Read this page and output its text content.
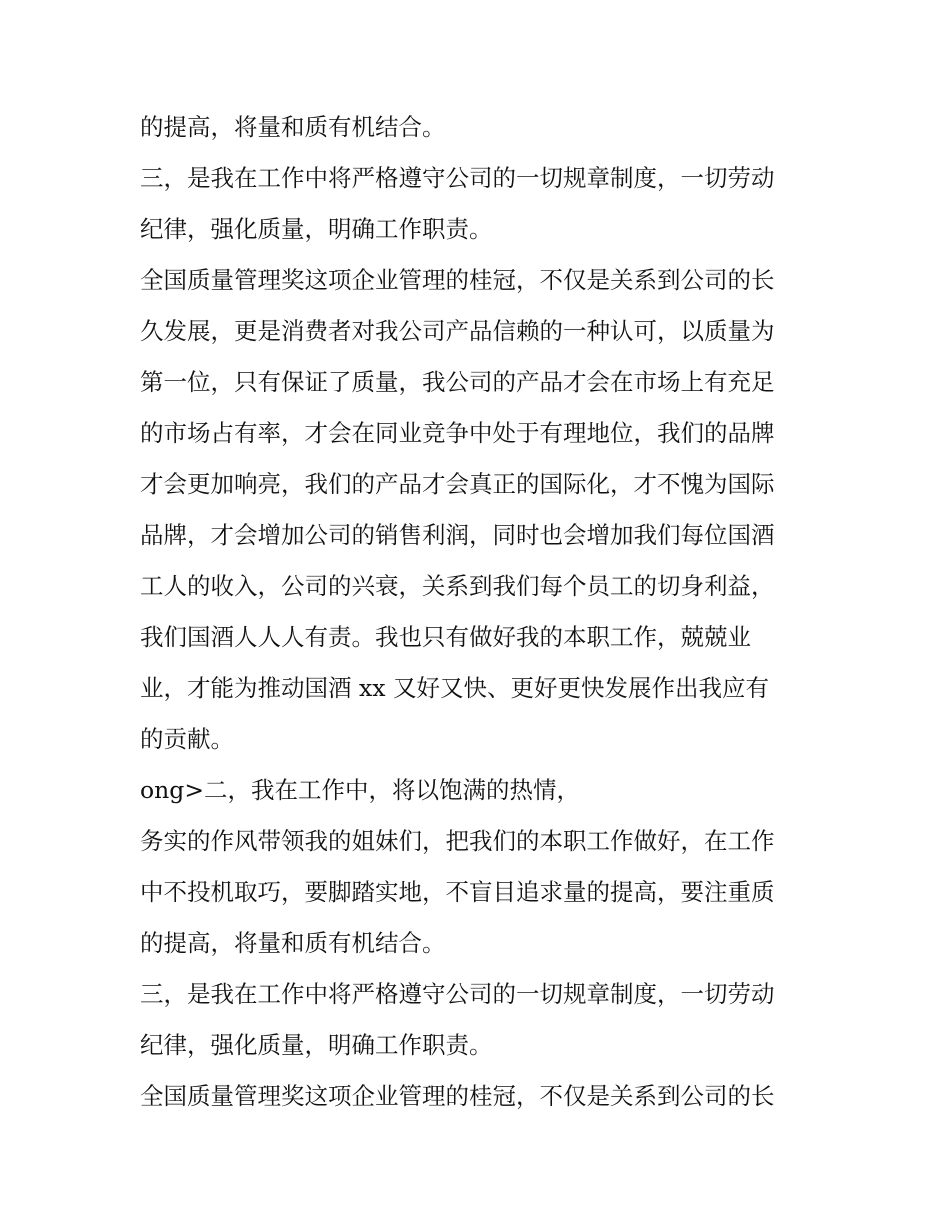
的提高，将量和质有机结合。

三，是我在工作中将严格遵守公司的一切规章制度，一切劳动
纪律，强化质量，明确工作职责。

全国质量管理奖这项企业管理的桂冠，不仅是关系到公司的长
久发展，更是消费者对我公司产品信赖的一种认可，以质量为
第一位，只有保证了质量，我公司的产品才会在市场上有充足
的市场占有率，才会在同业竞争中处于有理地位，我们的品牌
才会更加响亮，我们的产品才会真正的国际化，才不愧为国际
品牌，才会增加公司的销售利润，同时也会增加我们每位国酒
工人的收入，公司的兴衰，关系到我们每个员工的切身利益，
我们国酒人人人有责。我也只有做好我的本职工作，兢兢业
业，才能为推动国酒 xx 又好又快、更好更快发展作出我应有
的贡献。

ong>二，我在工作中，将以饱满的热情，

务实的作风带领我的姐妹们，把我们的本职工作做好，在工作
中不投机取巧，要脚踏实地，不盲目追求量的提高，要注重质
的提高，将量和质有机结合。

三，是我在工作中将严格遵守公司的一切规章制度，一切劳动
纪律，强化质量，明确工作职责。

全国质量管理奖这项企业管理的桂冠，不仅是关系到公司的长
